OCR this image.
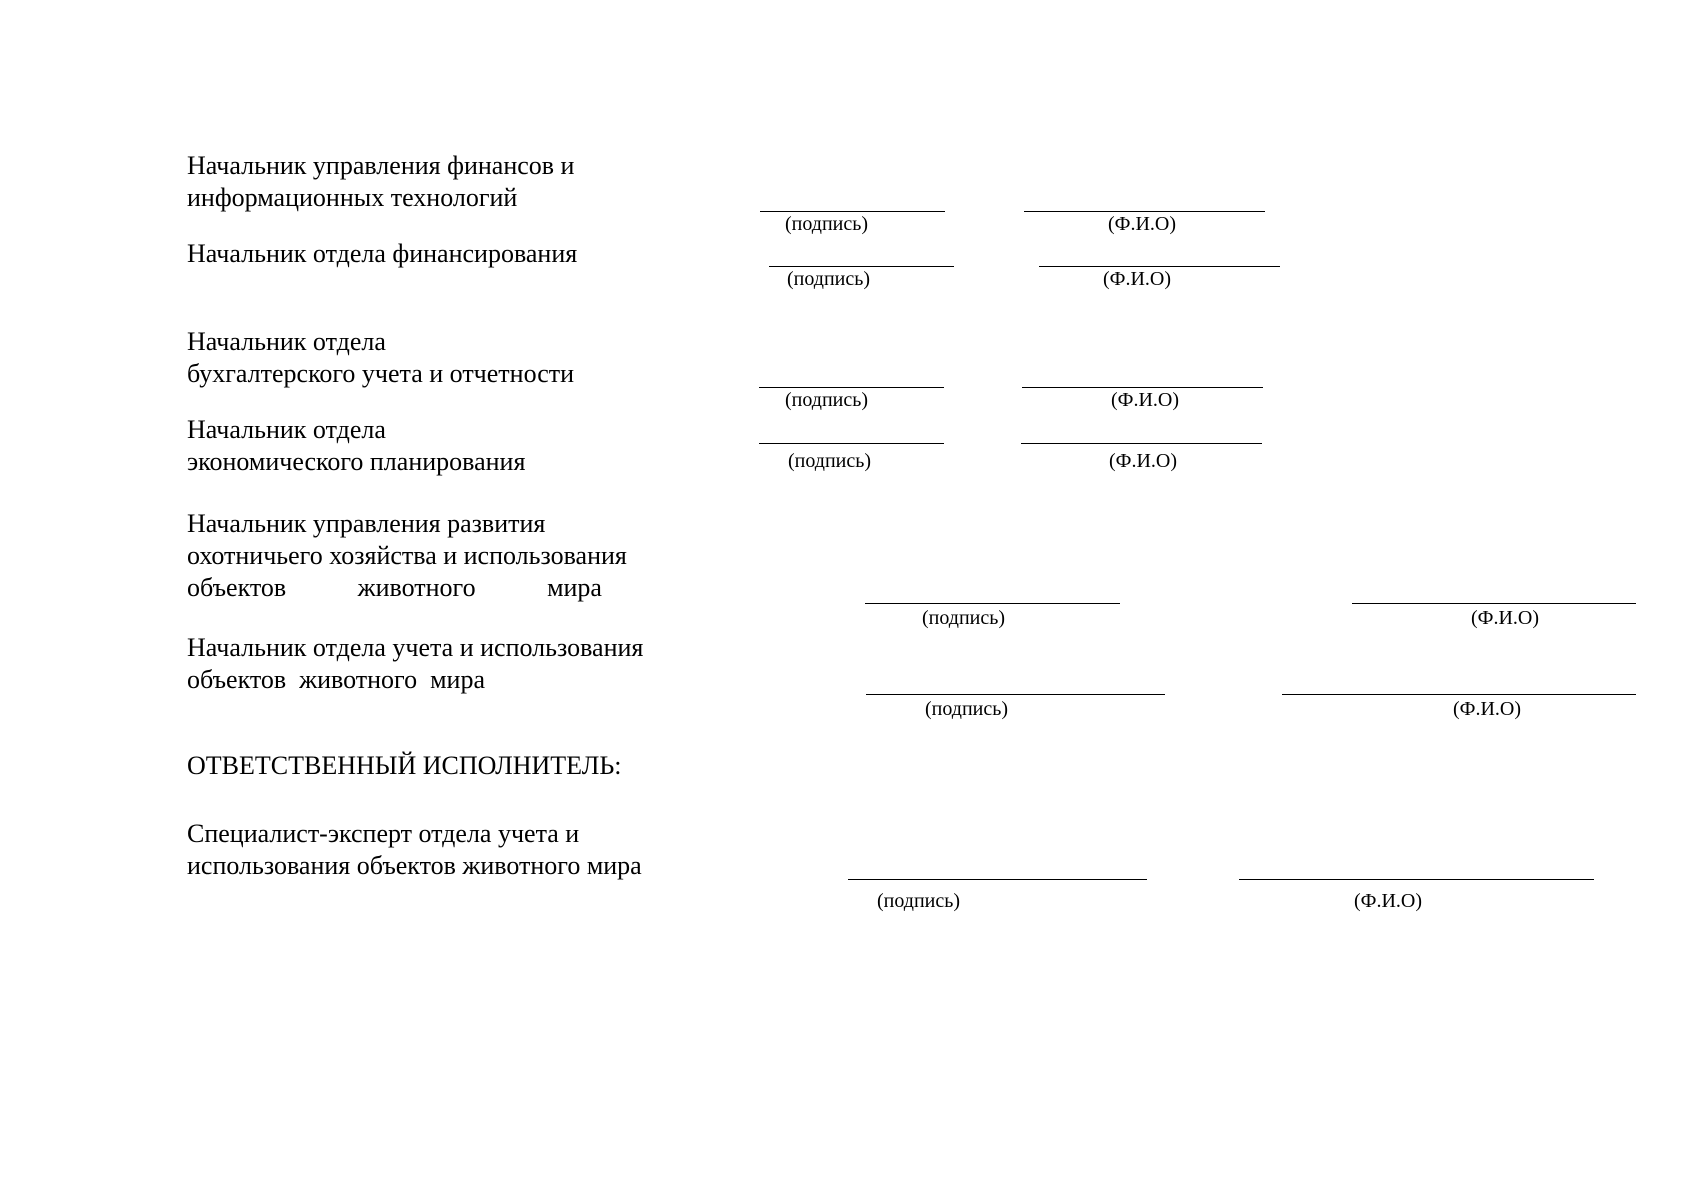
Начальник управления финансов и
информационных технологий
(подпись)	(Ф.И.О)
Начальник отдела финансирования
(подпись)	(Ф.И.О)
Начальник отдела
бухгалтерского учета и отчетности
(подпись)	(Ф.И.О)
Начальник отдела
экономического планирования	(подпись)	(Ф.И.О)
Начальник управления развития
охотничьего хозяйства и использования
объектов	животного	мира
(подпись)	(Ф.И.О)
Начальник отдела учета и использования
объектов  животного  мира
(подпись)	(Ф.И.О)
ОТВЕТСТВЕННЫЙ ИСПОЛНИТЕЛЬ:
Специалист-эксперт отдела учета и
использования объектов животного мира
(подпись)	(Ф.И.О)
